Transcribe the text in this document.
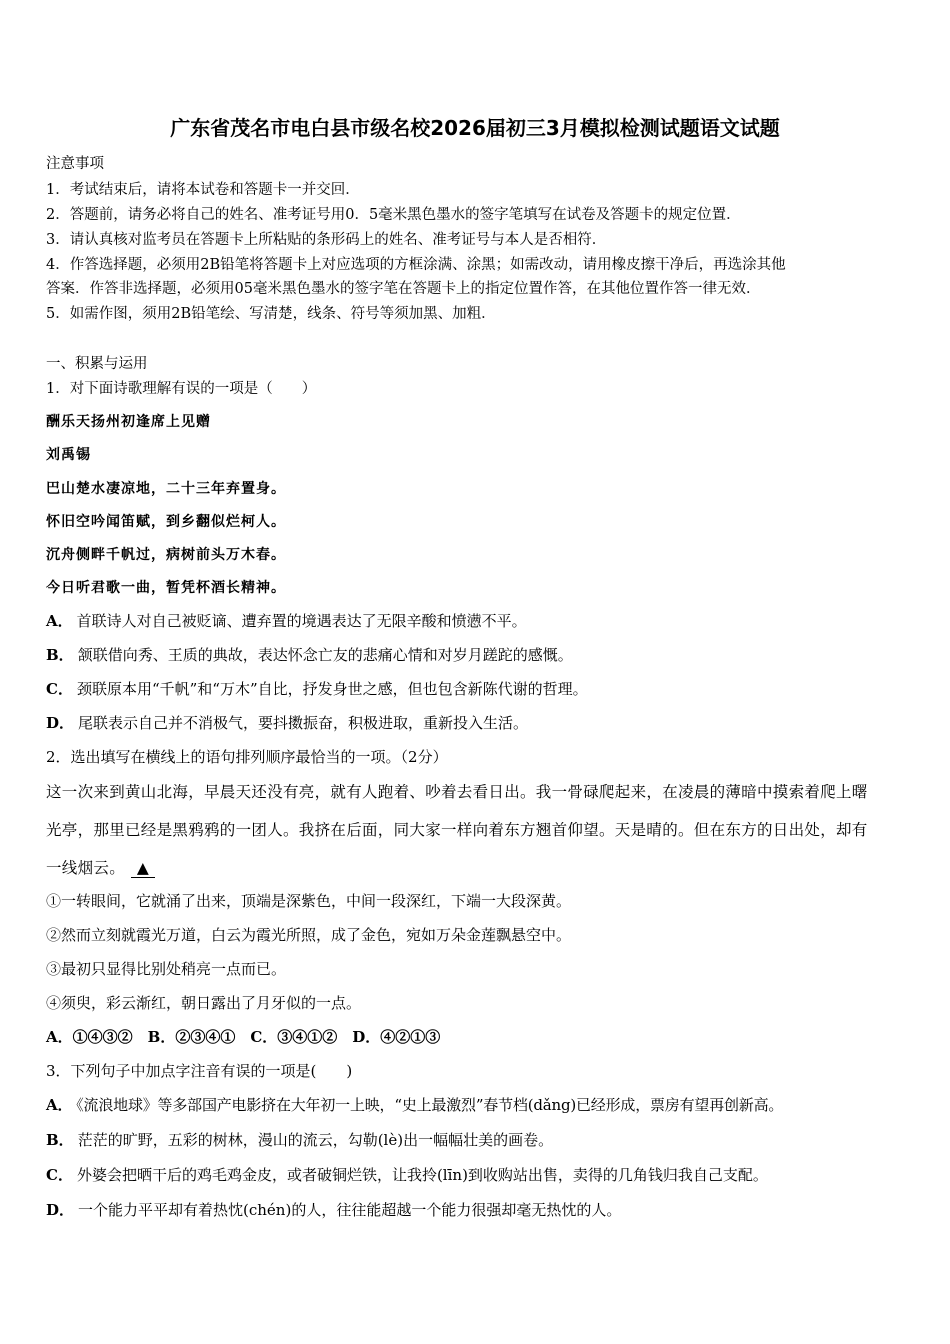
广东省茂名市电白县市级名校2026届初三3月模拟检测试题语文试题
注意事项
1．考试结束后，请将本试卷和答题卡一并交回．
2．答题前，请务必将自己的姓名、准考证号用0．5毫米黑色墨水的签字笔填写在试卷及答题卡的规定位置．
3．请认真核对监考员在答题卡上所粘贴的条形码上的姓名、准考证号与本人是否相符．
4．作答选择题，必须用2B铅笔将答题卡上对应选项的方框涂满、涂黑；如需改动，请用橡皮擦干净后，再选涂其他
答案．作答非选择题，必须用05毫米黑色墨水的签字笔在答题卡上的指定位置作答，在其他位置作答一律无效．
5．如需作图，须用2B铅笔绘、写清楚，线条、符号等须加黑、加粗．
一、积累与运用
1．对下面诗歌理解有误的一项是（　　）
酬乐天扬州初逢席上见赠
刘禹锡
巴山楚水凄凉地，二十三年弃置身。
怀旧空吟闻笛赋，到乡翻似烂柯人。
沉舟侧畔千帆过，病树前头万木春。
今日听君歌一曲，暂凭杯酒长精神。
A． 首联诗人对自己被贬谪、遭弃置的境遇表达了无限辛酸和愤懑不平。
B． 颔联借向秀、王质的典故，表达怀念亡友的悲痛心情和对岁月蹉跎的感慨。
C． 颈联原本用“千帆”和“万木”自比，抒发身世之感，但也包含新陈代谢的哲理。
D． 尾联表示自己并不消极气，要抖擞振奋，积极进取，重新投入生活。
2．选出填写在横线上的语句排列顺序最恰当的一项。（2分）
这一次来到黄山北海，早晨天还没有亮，就有人跑着、吵着去看日出。我一骨碌爬起来，在凌晨的薄暗中摸索着爬上曙
光亭，那里已经是黑鸦鸦的一团人。我挤在后面，同大家一样向着东方翘首仰望。天是晴的。但在东方的日出处，却有
一线烟云。 ▲
①一转眼间，它就涌了出来，顶端是深紫色，中间一段深红，下端一大段深黄。
②然而立刻就霞光万道，白云为霞光所照，成了金色，宛如万朵金莲飘悬空中。
③最初只显得比别处稍亮一点而已。
④须臾，彩云渐红，朝日露出了月牙似的一点。
A．①④③②　B．②③④①　C．③④①②　D．④②①③
3．下列句子中加点字注音有误的一项是(　　)
A． 《流浪地球》等多部国产电影挤在大年初一上映，“史上最激烈”春节档(dǎng)已经形成，票房有望再创新高。
B． 茫茫的旷野，五彩的树林，漫山的流云，勾勒(lè)出一幅幅壮美的画卷。
C． 外婆会把晒干后的鸡毛鸡金皮，或者破铜烂铁，让我拎(līn)到收购站出售，卖得的几角钱归我自己支配。
D． 一个能力平平却有着热忱(chén)的人，往往能超越一个能力很强却毫无热忱的人。
